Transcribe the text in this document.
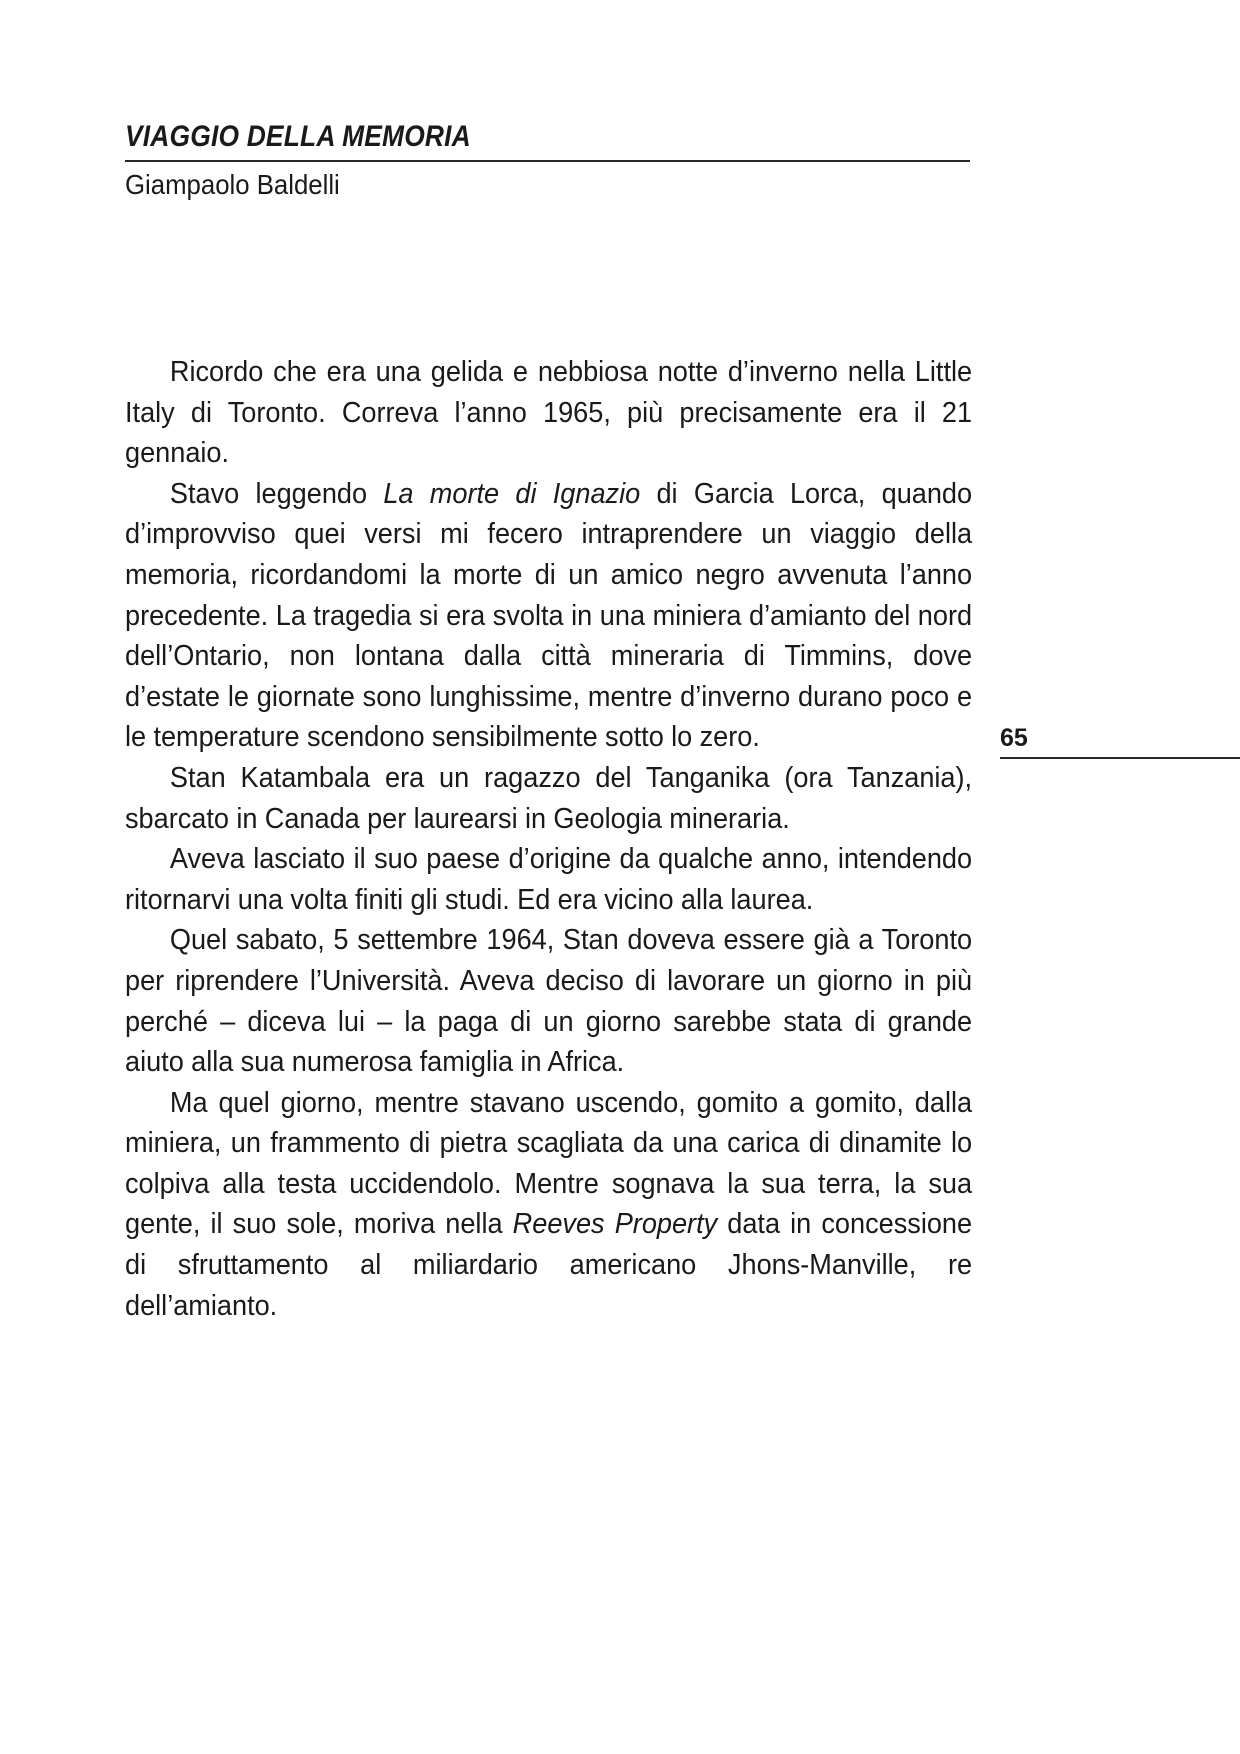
VIAGGIO DELLA MEMORIA
Giampaolo Baldelli

Ricordo che era una gelida e nebbiosa notte d’inverno nella Little Italy di Toronto. Correva l’anno 1965, più precisamente era il 21 gennaio.

Stavo leggendo La morte di Ignazio di Garcia Lorca, quando d’improvviso quei versi mi fecero intraprendere un viaggio della memoria, ricordandomi la morte di un amico negro avvenuta l’anno precedente. La tragedia si era svolta in una miniera d’amianto del nord dell’Ontario, non lontana dalla città mineraria di Timmins, dove d’estate le giornate sono lunghissime, mentre d’inverno durano poco e le temperature scendono sensibilmente sotto lo zero.

Stan Katambala era un ragazzo del Tanganika (ora Tanzania), sbarcato in Canada per laurearsi in Geologia mineraria.

Aveva lasciato il suo paese d’origine da qualche anno, intendendo ritornarvi una volta finiti gli studi. Ed era vicino alla laurea.

Quel sabato, 5 settembre 1964, Stan doveva essere già a Toronto per riprendere l’Università. Aveva deciso di lavorare un giorno in più perché – diceva lui – la paga di un giorno sarebbe stata di grande aiuto alla sua numerosa famiglia in Africa.

Ma quel giorno, mentre stavano uscendo, gomito a gomito, dalla miniera, un frammento di pietra scagliata da una carica di dinamite lo colpiva alla testa uccidendolo. Mentre sognava la sua terra, la sua gente, il suo sole, moriva nella Reeves Property data in concessione di sfruttamento al miliardario americano Jhons-Manville, re dell’amianto.

65
